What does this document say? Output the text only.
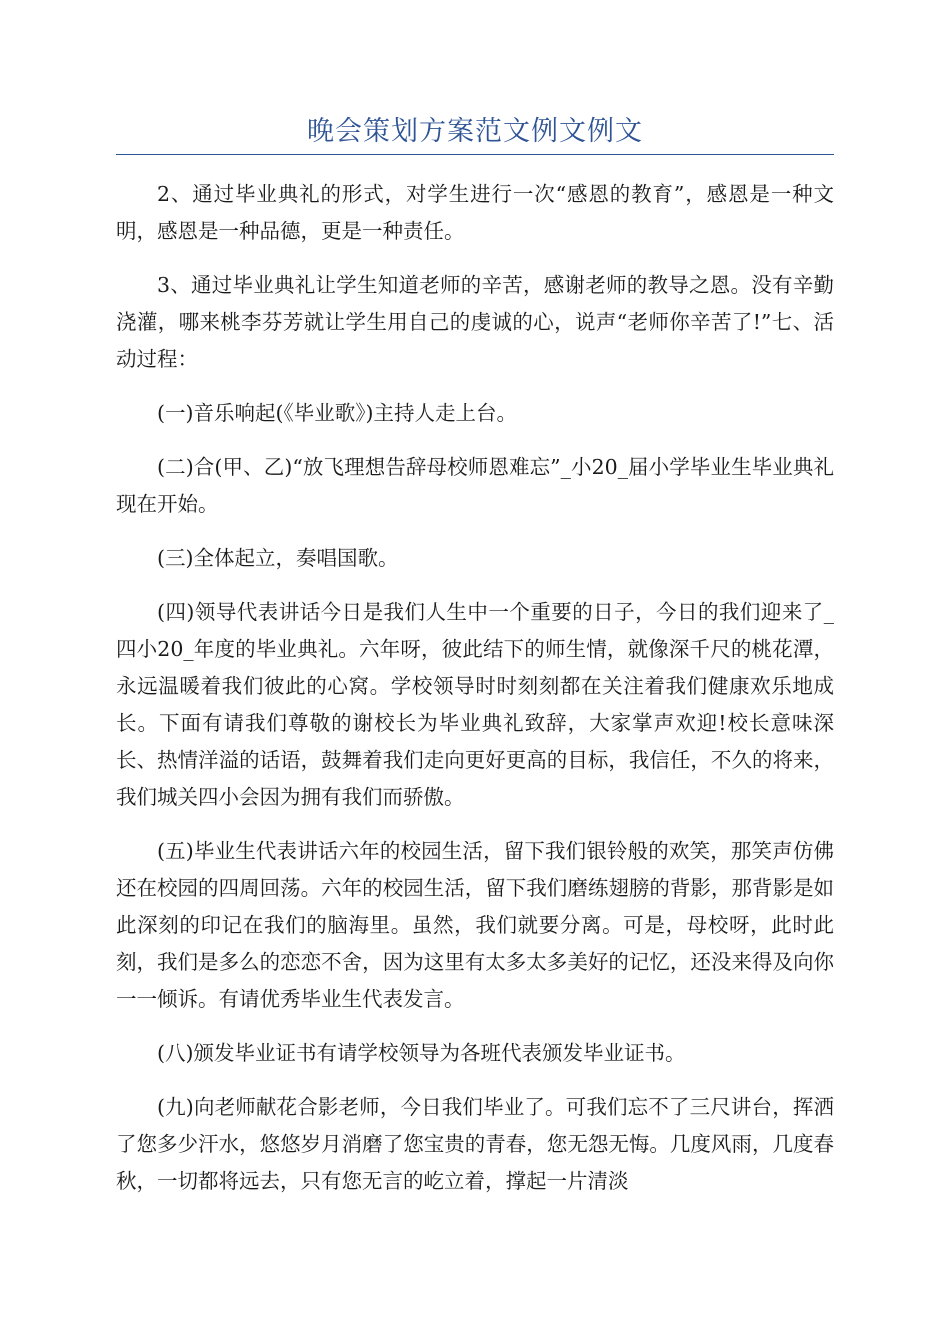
晚会策划方案范文例文例文

2、通过毕业典礼的形式，对学生进行一次“感恩的教育”，感恩是一种文明，感恩是一种品德，更是一种责任。

3、通过毕业典礼让学生知道老师的辛苦，感谢老师的教导之恩。没有辛勤浇灌，哪来桃李芬芳就让学生用自己的虔诚的心，说声“老师你辛苦了!”七、活动过程：

(一)音乐响起(《毕业歌》)主持人走上台。

(二)合(甲、乙)“放飞理想告辞母校师恩难忘”_小20_届小学毕业生毕业典礼现在开始。

(三)全体起立，奏唱国歌。

(四)领导代表讲话今日是我们人生中一个重要的日子，今日的我们迎来了_四小20_年度的毕业典礼。六年呀，彼此结下的师生情，就像深千尺的桃花潭，永远温暖着我们彼此的心窝。学校领导时时刻刻都在关注着我们健康欢乐地成长。下面有请我们尊敬的谢校长为毕业典礼致辞，大家掌声欢迎!校长意味深长、热情洋溢的话语，鼓舞着我们走向更好更高的目标，我信任，不久的将来，我们城关四小会因为拥有我们而骄傲。

(五)毕业生代表讲话六年的校园生活，留下我们银铃般的欢笑，那笑声仿佛还在校园的四周回荡。六年的校园生活，留下我们磨练翅膀的背影，那背影是如此深刻的印记在我们的脑海里。虽然，我们就要分离。可是，母校呀，此时此刻，我们是多么的恋恋不舍，因为这里有太多太多美好的记忆，还没来得及向你一一倾诉。有请优秀毕业生代表发言。

(八)颁发毕业证书有请学校领导为各班代表颁发毕业证书。

(九)向老师献花合影老师，今日我们毕业了。可我们忘不了三尺讲台，挥洒了您多少汗水，悠悠岁月消磨了您宝贵的青春，您无怨无悔。几度风雨，几度春秋，一切都将远去，只有您无言的屹立着，撑起一片清淡
